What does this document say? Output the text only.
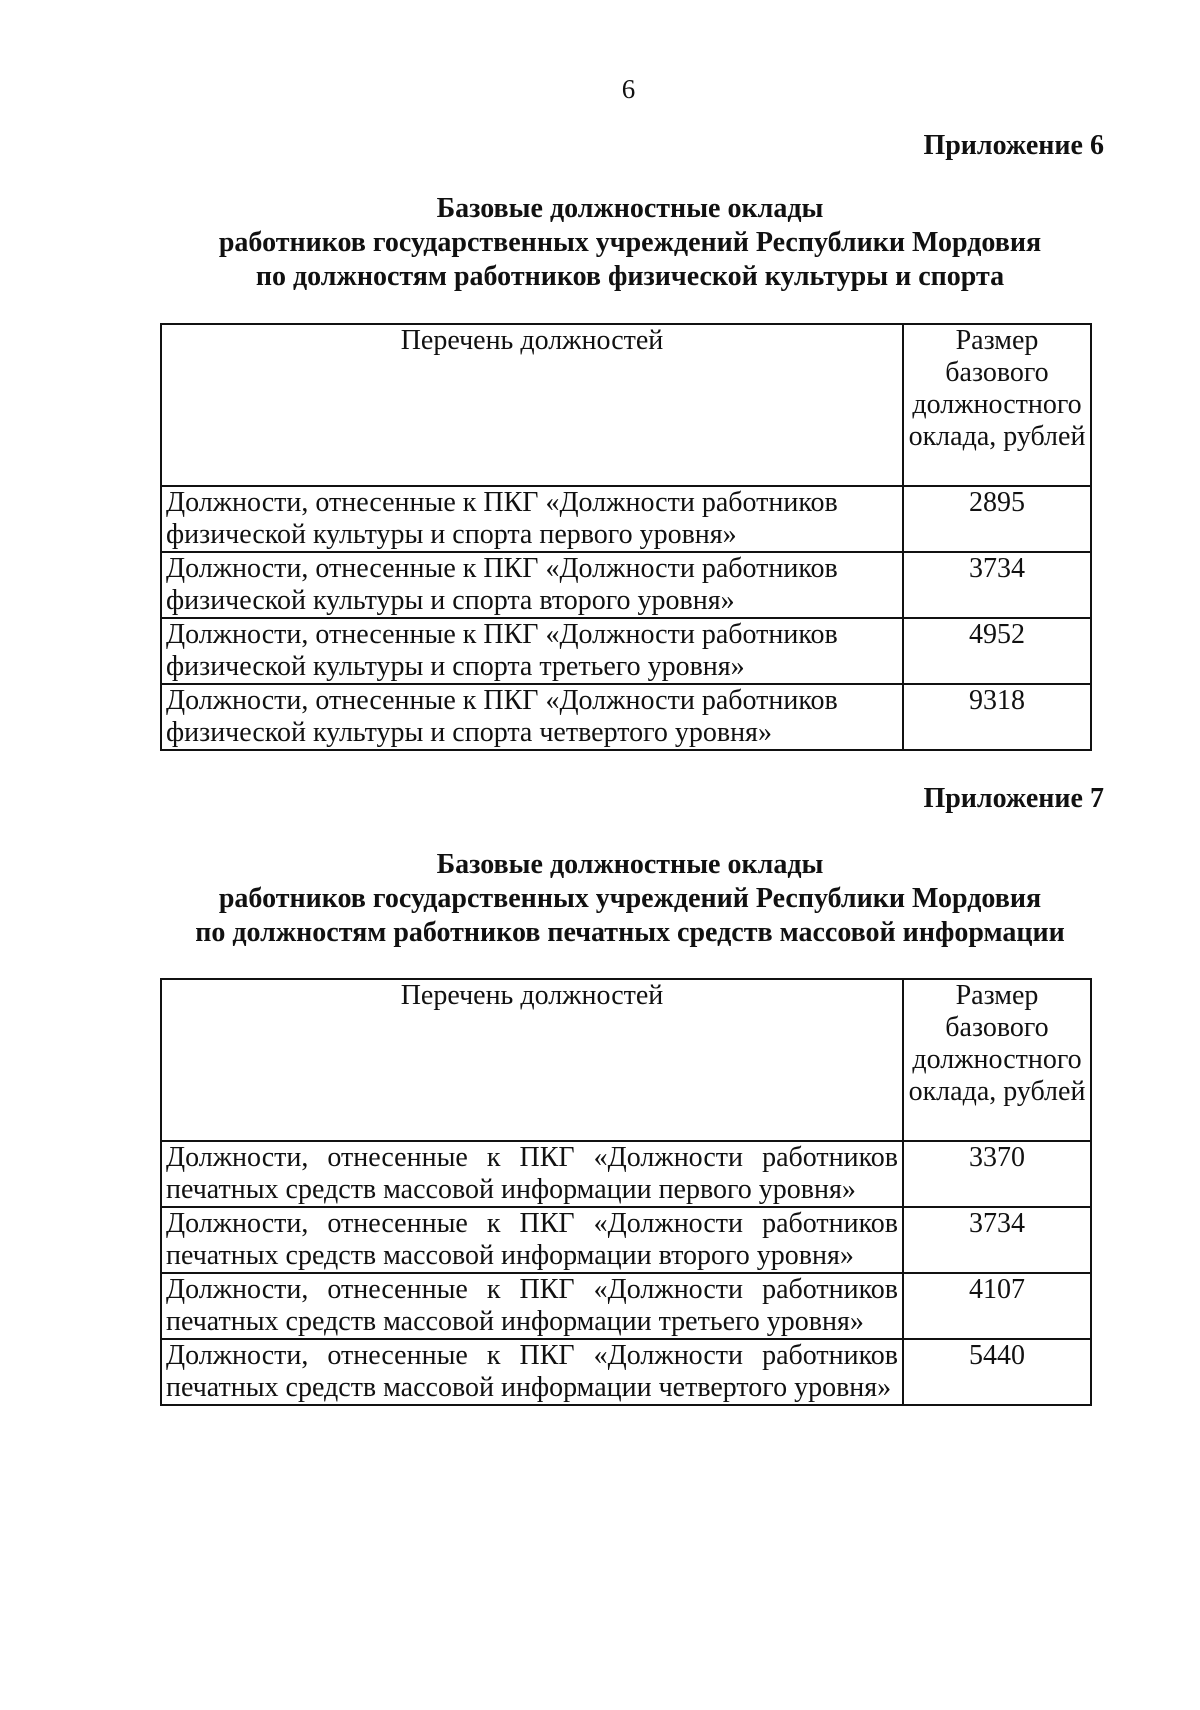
6
Приложение 6
Базовые должностные оклады
работников государственных учреждений Республики Мордовия
по должностям работников физической культуры и спорта
Перечень должностей	Размер базового должностного оклада, рублей
Должности, отнесенные к ПКГ «Должности работников физической культуры и спорта первого уровня»	2895
Должности, отнесенные к ПКГ «Должности работников физической культуры и спорта второго уровня»	3734
Должности, отнесенные к ПКГ «Должности работников физической культуры и спорта третьего уровня»	4952
Должности, отнесенные к ПКГ «Должности работников физической культуры и спорта четвертого уровня»	9318
Приложение 7
Базовые должностные оклады
работников государственных учреждений Республики Мордовия
по должностям работников печатных средств массовой информации
Перечень должностей	Размер базового должностного оклада, рублей
Должности, отнесенные к ПКГ «Должности работников печатных средств массовой информации первого уровня»	3370
Должности, отнесенные к ПКГ «Должности работников печатных средств массовой информации второго уровня»	3734
Должности, отнесенные к ПКГ «Должности работников печатных средств массовой информации третьего уровня»	4107
Должности, отнесенные к ПКГ «Должности работников печатных средств массовой информации четвертого уровня»	5440
